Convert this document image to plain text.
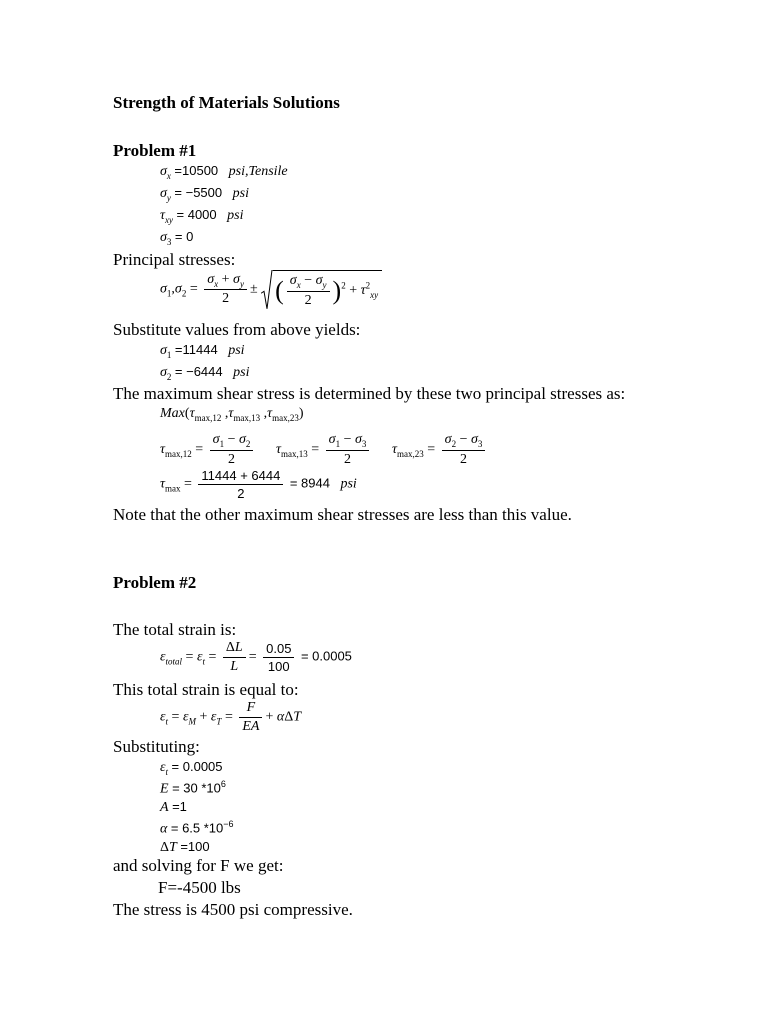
Strength of Materials Solutions
Problem #1
$\sigma_x =10500$ psi,Tensile
$\sigma_y = -5500$ psi
$\tau_{xy} = 4000$ psi
$\sigma_3 = 0$
Principal stresses:
$\sigma_1,\sigma_2 = \frac{\sigma_x + \sigma_y}{2}$ ±
( $\frac{\sigma_x - \sigma_y}{2} )^2 + \tau^2_{xy}$
Substitute values from above yields:
$\sigma_1 =11444$ psi
$\sigma_2 = -6444$ psi
The maximum shear stress is determined by these two principal stresses as:
$Max(\tau_{max,12}$ $,\tau_{max,13}$ $,\tau_{max,23}$)
$\tau_{max,12} = \frac{\sigma_1 - \sigma_2}{2} \tau_{max,13} = \frac{\sigma_1 - \sigma_3}{2} \tau_{max,23} = \frac{\sigma_2 - \sigma_3}{2}$
$\tau_{max} = \frac{11444 + 6444}{2} = 8944$ psi
Note that the other maximum shear stresses are less than this value.
Problem #2
The total strain is:
$\varepsilon_{total} = \varepsilon_t = \frac{\Delta L}{L} = \frac{0.05}{100} = 0.0005$
This total strain is equal to:
$\varepsilon_t = \varepsilon_M + \varepsilon_T = \frac{F}{EA} + \alpha\Delta T$
Substituting:
$\varepsilon_t = 0.0005$
E = 30 $*10^6$
A =1
α = 6.5 $*10^{-6}$
ΔT =100
and solving for F we get:
F=-4500 lbs
The stress is 4500 psi compressive.
